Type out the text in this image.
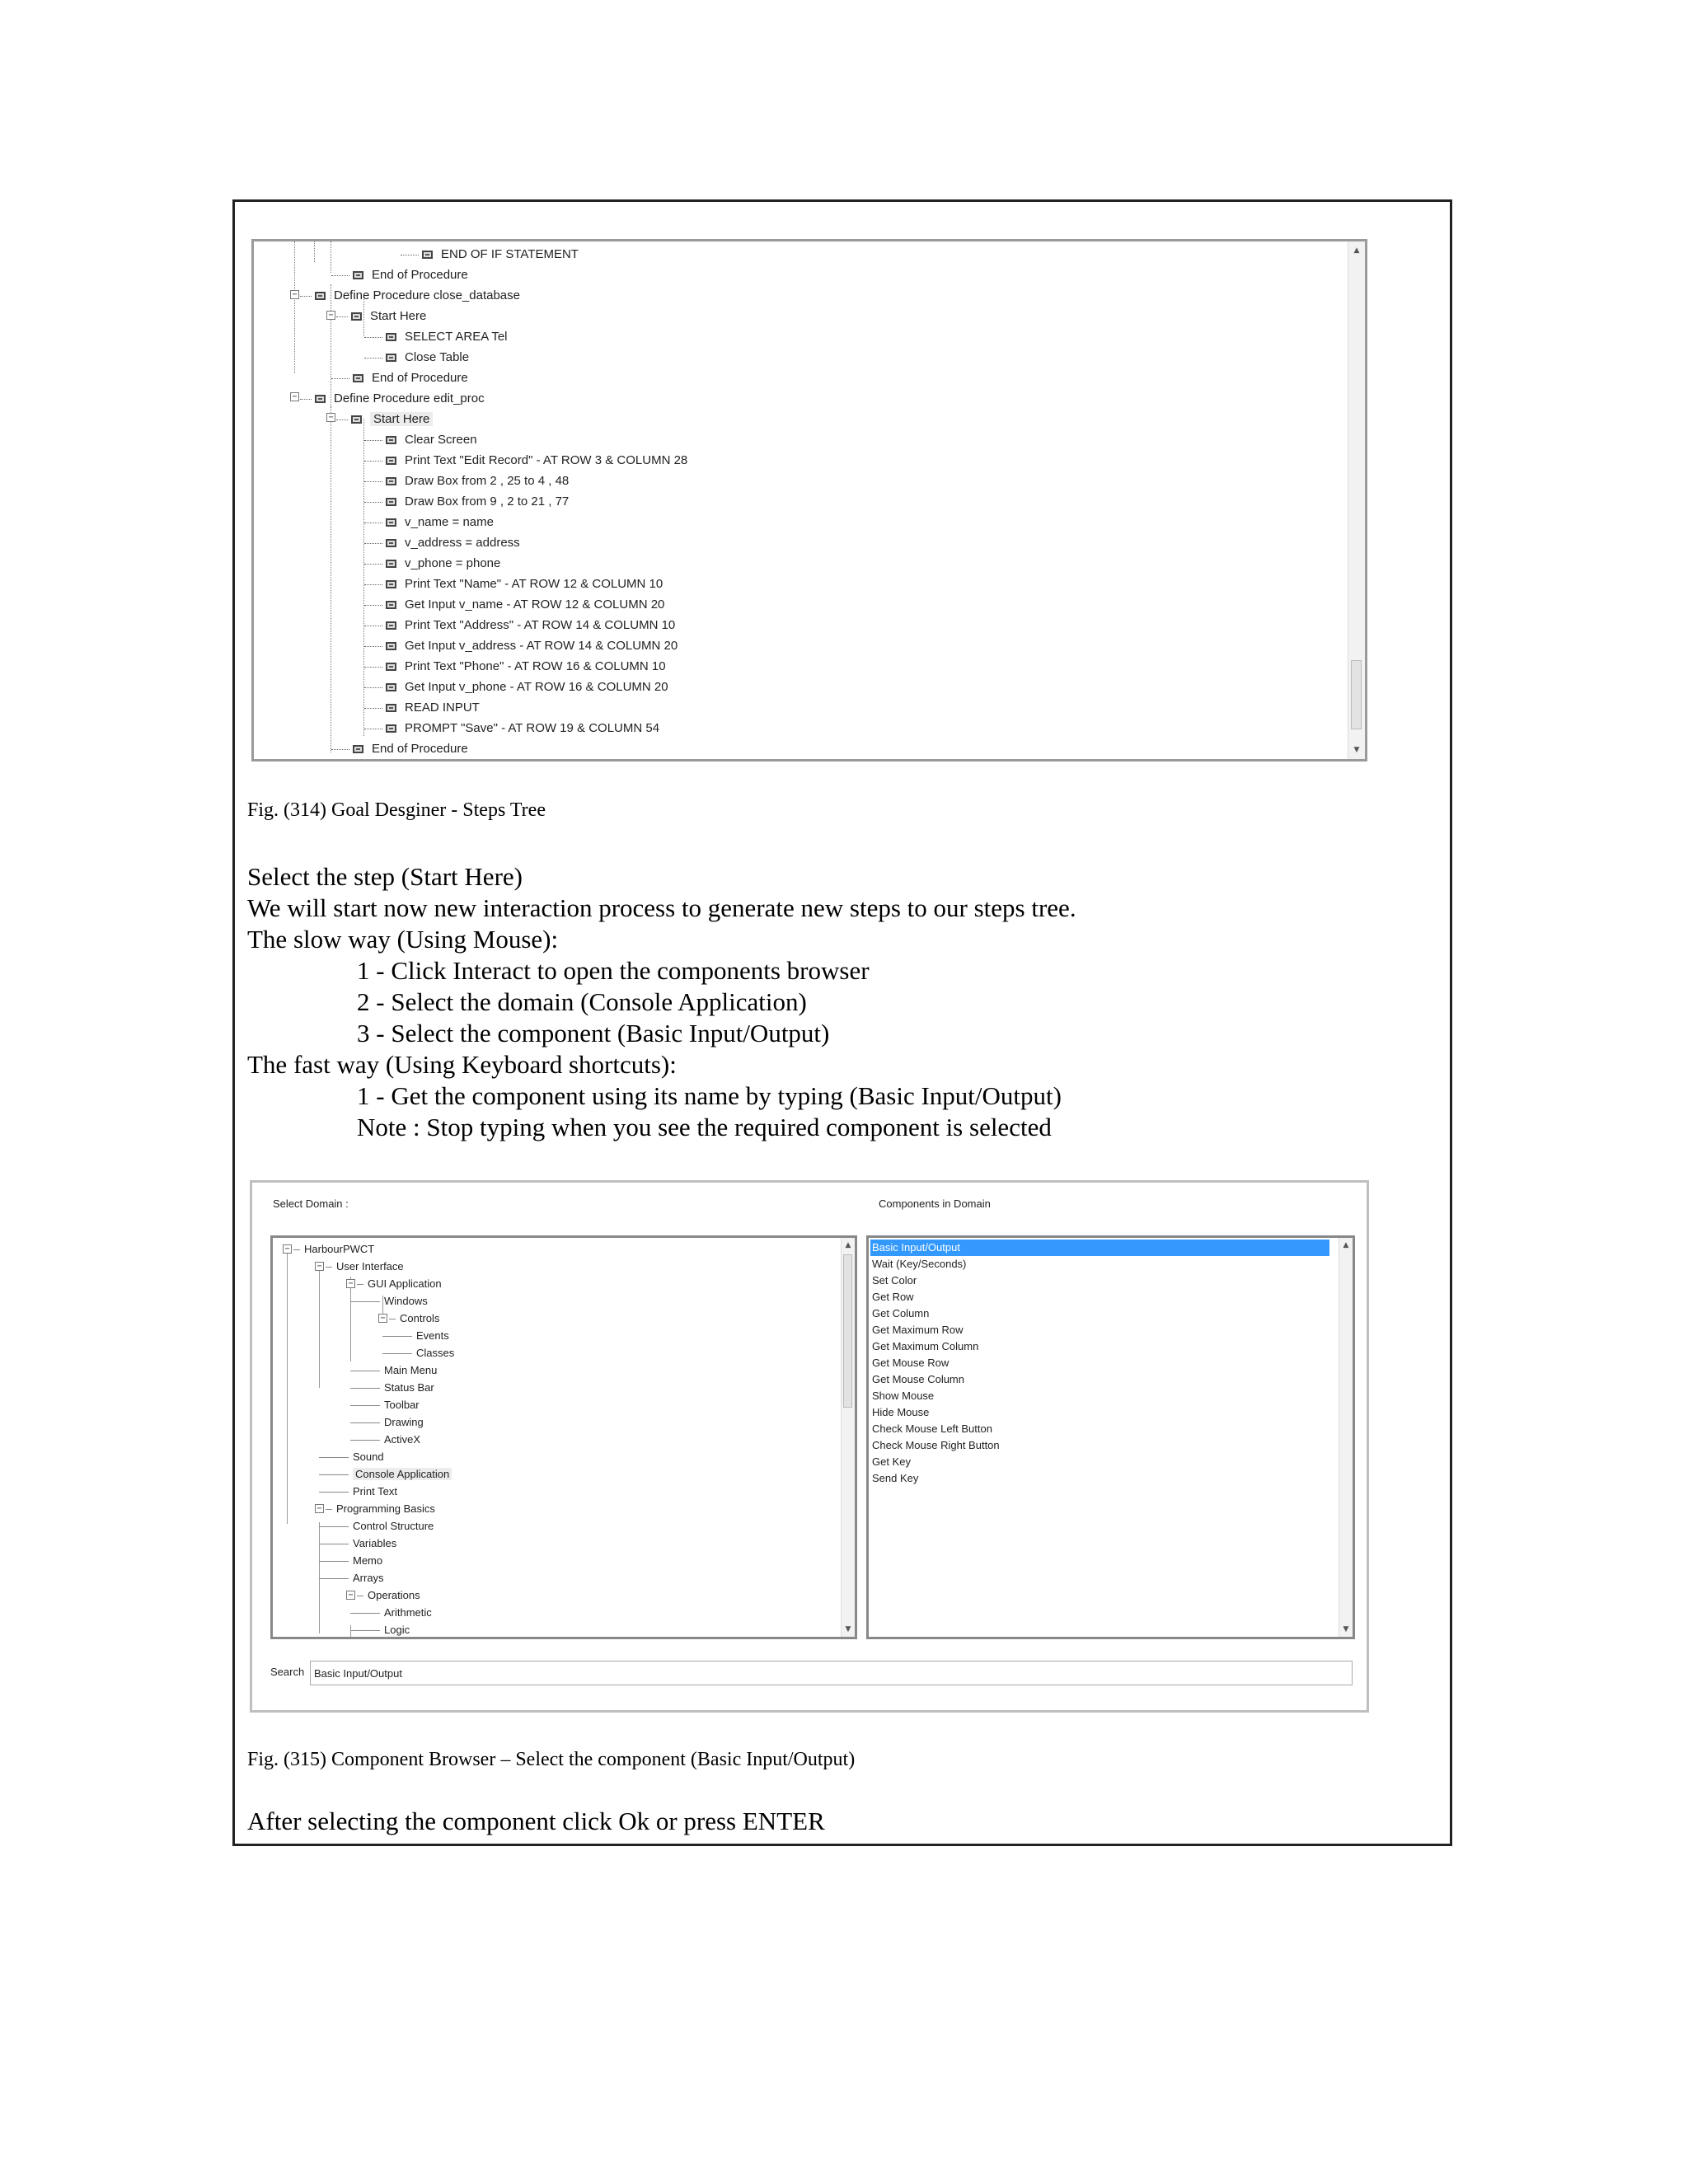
−
−
−
−
END OF IF STATEMENT
End of Procedure
Define Procedure close_database
Start Here
SELECT AREA Tel
Close Table
End of Procedure
Define Procedure edit_proc
Start Here
Clear Screen
Print Text "Edit Record" - AT ROW 3 & COLUMN 28
Draw Box from 2 , 25 to 4 , 48
Draw Box from 9 , 2 to 21 , 77
v_name = name
v_address = address
v_phone = phone
Print Text "Name" - AT ROW 12 & COLUMN 10
Get Input v_name - AT ROW 12 & COLUMN 20
Print Text "Address" - AT ROW 14 & COLUMN 10
Get Input v_address - AT ROW 14 & COLUMN 20
Print Text "Phone" - AT ROW 16 & COLUMN 10
Get Input v_phone - AT ROW 16 & COLUMN 20
READ INPUT
PROMPT "Save" - AT ROW 19 & COLUMN 54
End of Procedure
▲
▼
Fig. (314) Goal Desginer - Steps Tree
Select the step (Start Here)
We will start now new interaction process to generate new steps to our steps tree.
The slow way (Using Mouse):
1 - Click Interact to open the components browser
2 - Select the domain (Console Application)
3 - Select the component (Basic Input/Output)
The fast way (Using Keyboard shortcuts):
1 - Get the component using its name by typing (Basic Input/Output)
Note : Stop typing when you see the required component is selected
Select Domain :	Components in Domain
−
−
−
−
−
−
HarbourPWCT
User Interface
GUI Application
Windows
Controls
Events
Classes
Main Menu
Status Bar
Toolbar
Drawing
ActiveX
Sound
Console Application
Print Text
Programming Basics
Control Structure
Variables
Memo
Arrays
Operations
Arithmetic
Logic
▲
▼
Basic Input/Output
Wait (Key/Seconds)
Set Color
Get Row
Get Column
Get Maximum Row
Get Maximum Column
Get Mouse Row
Get Mouse Column
Show Mouse
Hide Mouse
Check Mouse Left Button
Check Mouse Right Button
Get Key
Send Key
▲
▼
Search
Basic Input/Output
Fig. (315) Component Browser – Select the component (Basic Input/Output)
After selecting the component click Ok or press ENTER
